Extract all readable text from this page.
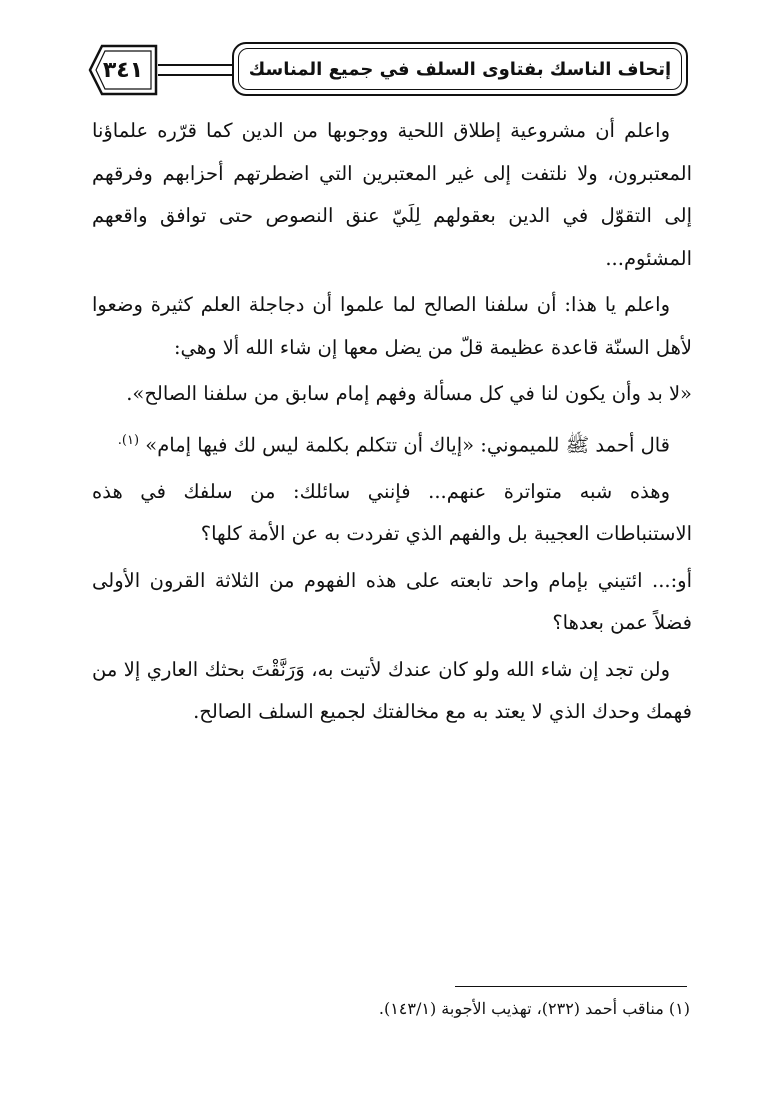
٣٤١	إتحاف الناسك بفتاوى السلف في جميع المناسك

واعلم أن مشروعية إطلاق اللحية ووجوبها من الدين كما قرّره علماؤنا المعتبرون، ولا نلتفت إلى غير المعتبرين التي اضطرتهم أحزابهم وفرقهم إلى التقوّل في الدين بعقولهم لِلَيّ عنق النصوص حتى توافق واقعهم المشئوم...

واعلم يا هذا: أن سلفنا الصالح لما علموا أن دجاجلة العلم كثيرة وضعوا لأهل السنّة قاعدة عظيمة قلّ من يضل معها إن شاء الله ألا وهي:

«لا بد وأن يكون لنا في كل مسألة وفهم إمام سابق من سلفنا الصالح».

قال أحمد ﷺ للميموني: «إياك أن تتكلم بكلمة ليس لك فيها إمام» $^{(١).}$

وهذه شبه متواترة عنهم... فإنني سائلك: من سلفك في هذه الاستنباطات العجيبة بل والفهم الذي تفردت به عن الأمة كلها؟

أو:... ائتيني بإمام واحد تابعته على هذه الفهوم من الثلاثة القرون الأولى فضلاً عمن بعدها؟

ولن تجد إن شاء الله ولو كان عندك لأتيت به، وَرَنَّقْتَ بحثك العاري إلا من فهمك وحدك الذي لا يعتد به مع مخالفتك لجميع السلف الصالح.

(١) مناقب أحمد (٢٣٢)، تهذيب الأجوبة (١٤٣/١).
